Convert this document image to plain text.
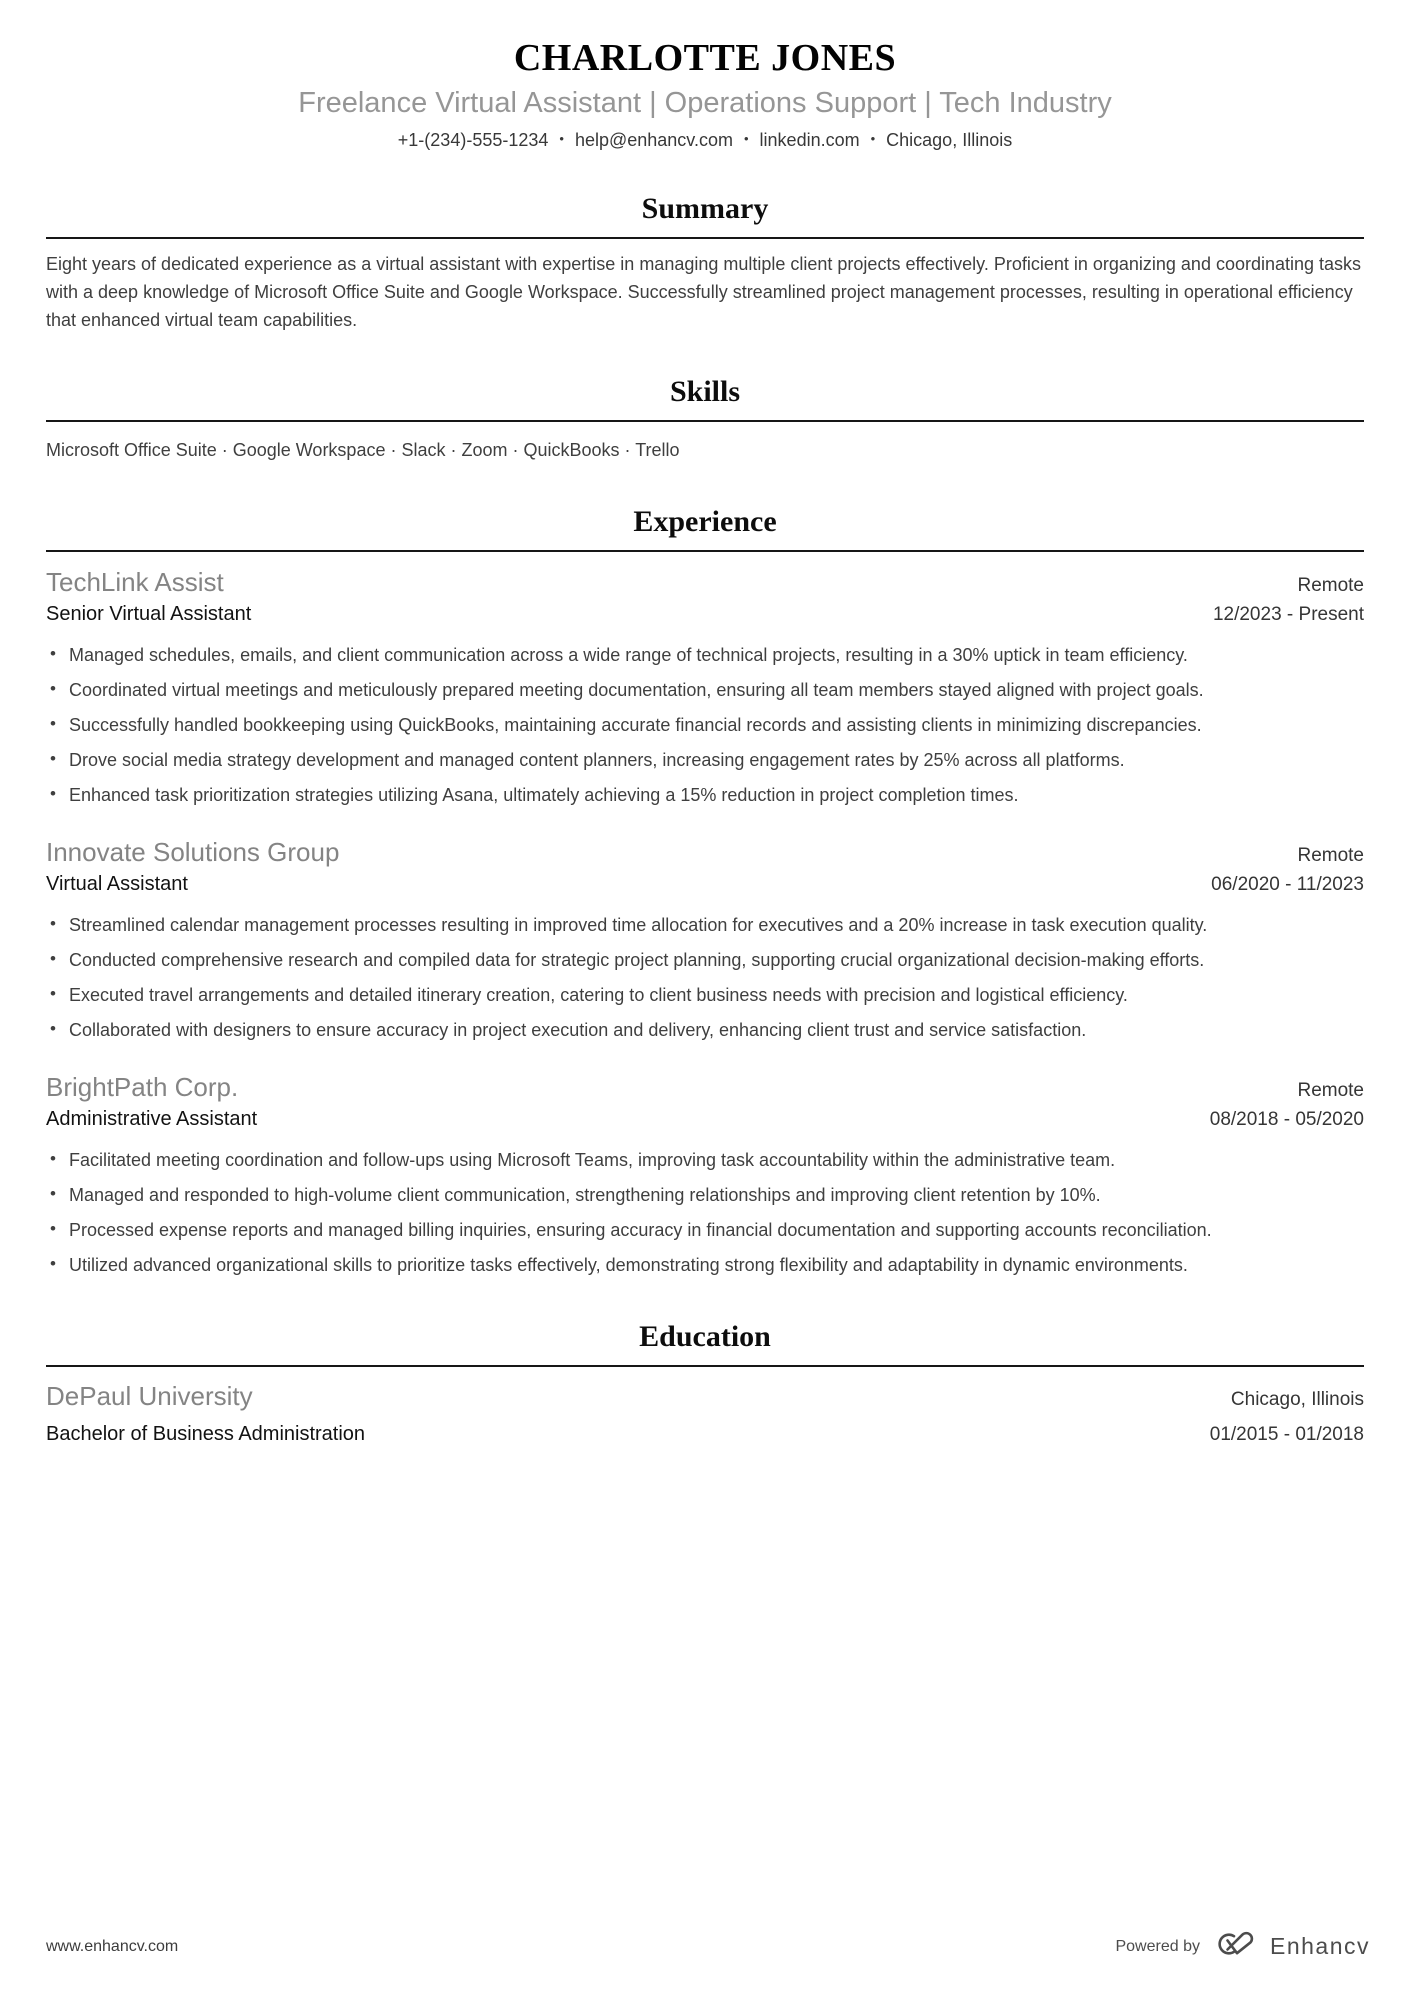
CHARLOTTE JONES
Freelance Virtual Assistant | Operations Support | Tech Industry
+1-(234)-555-1234 • help@enhancv.com • linkedin.com • Chicago, Illinois
Summary

Eight years of dedicated experience as a virtual assistant with expertise in managing multiple client projects effectively. Proficient in organizing and coordinating tasks with a deep knowledge of Microsoft Office Suite and Google Workspace. Successfully streamlined project management processes, resulting in operational efficiency that enhanced virtual team capabilities.

Skills

Microsoft Office Suite · Google Workspace · Slack · Zoom · QuickBooks · Trello

Experience
TechLink Assist	Remote
Senior Virtual Assistant	12/2023 - Present
• Managed schedules, emails, and client communication across a wide range of technical projects, resulting in a 30% uptick in team efficiency.
• Coordinated virtual meetings and meticulously prepared meeting documentation, ensuring all team members stayed aligned with project goals.
• Successfully handled bookkeeping using QuickBooks, maintaining accurate financial records and assisting clients in minimizing discrepancies.
• Drove social media strategy development and managed content planners, increasing engagement rates by 25% across all platforms.
• Enhanced task prioritization strategies utilizing Asana, ultimately achieving a 15% reduction in project completion times.
Innovate Solutions Group	Remote
Virtual Assistant	06/2020 - 11/2023
• Streamlined calendar management processes resulting in improved time allocation for executives and a 20% increase in task execution quality.
• Conducted comprehensive research and compiled data for strategic project planning, supporting crucial organizational decision-making efforts.
• Executed travel arrangements and detailed itinerary creation, catering to client business needs with precision and logistical efficiency.
• Collaborated with designers to ensure accuracy in project execution and delivery, enhancing client trust and service satisfaction.
BrightPath Corp.	Remote
Administrative Assistant	08/2018 - 05/2020
• Facilitated meeting coordination and follow-ups using Microsoft Teams, improving task accountability within the administrative team.
• Managed and responded to high-volume client communication, strengthening relationships and improving client retention by 10%.
• Processed expense reports and managed billing inquiries, ensuring accuracy in financial documentation and supporting accounts reconciliation.
• Utilized advanced organizational skills to prioritize tasks effectively, demonstrating strong flexibility and adaptability in dynamic environments.
Education
DePaul University	Chicago, Illinois
Bachelor of Business Administration	01/2015 - 01/2018
www.enhancv.com	Powered by	Enhancv
